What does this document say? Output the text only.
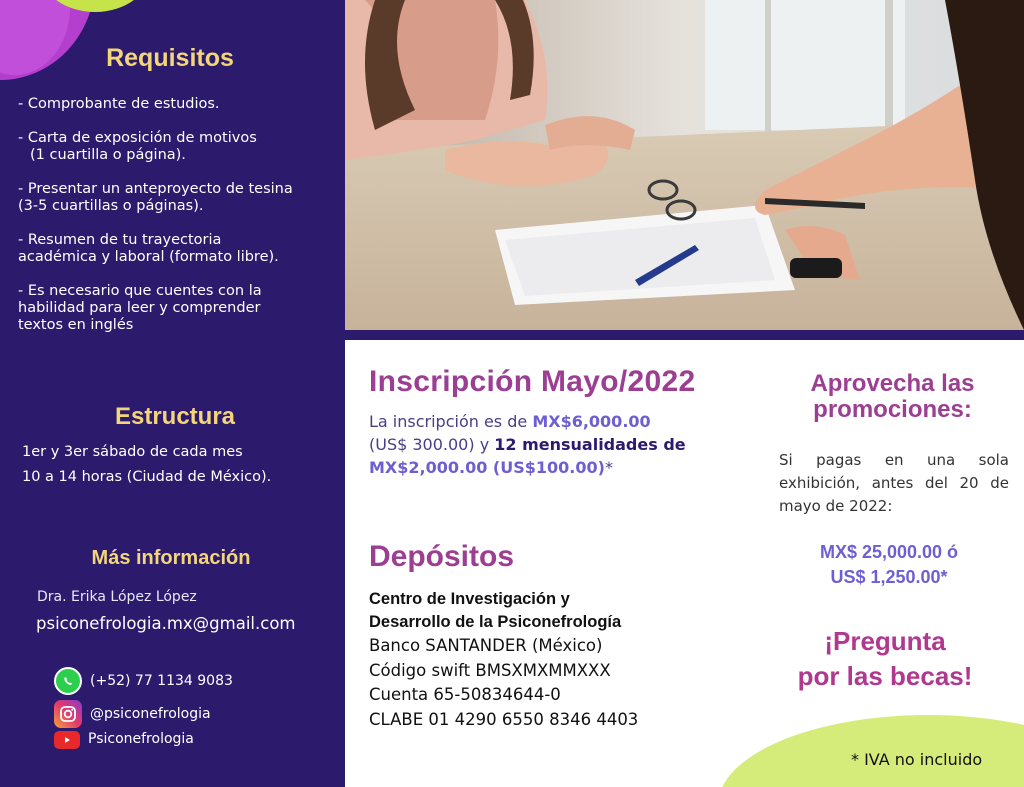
Requisitos
- Comprobante de estudios.
- Carta de exposición de motivos
(1 cuartilla o página).
- Presentar un anteproyecto de tesina
(3-5 cuartillas o páginas).
- Resumen de tu trayectoria
académica y laboral (formato libre).
- Es necesario que cuentes con la
habilidad para leer y comprender
textos en inglés
Estructura
1er y 3er sábado de cada mes
10 a 14 horas (Ciudad de México).
Más información
Dra. Erika López López
psiconefrologia.mx@gmail.com
(+52) 77 1134 9083
@psiconefrologia
Psiconefrologia
Inscripción Mayo/2022
La inscripción es de MX$6,000.00
(US$ 300.00) y 12 mensualidades de
MX$2,000.00 (US$100.00)*
Depósitos
Centro de Investigación y
Desarrollo de la Psiconefrología
Banco SANTANDER (México)
Código swift BMSXMXMMXXX
Cuenta 65-50834644-0
CLABE 01 4290 6550 8346 4403
Aprovecha las
promociones:
Si pagas en una sola exhibición, antes del 20 de mayo de 2022:
MX$ 25,000.00 ó
US$ 1,250.00*
¡Pregunta
por las becas!
* IVA no incluido
